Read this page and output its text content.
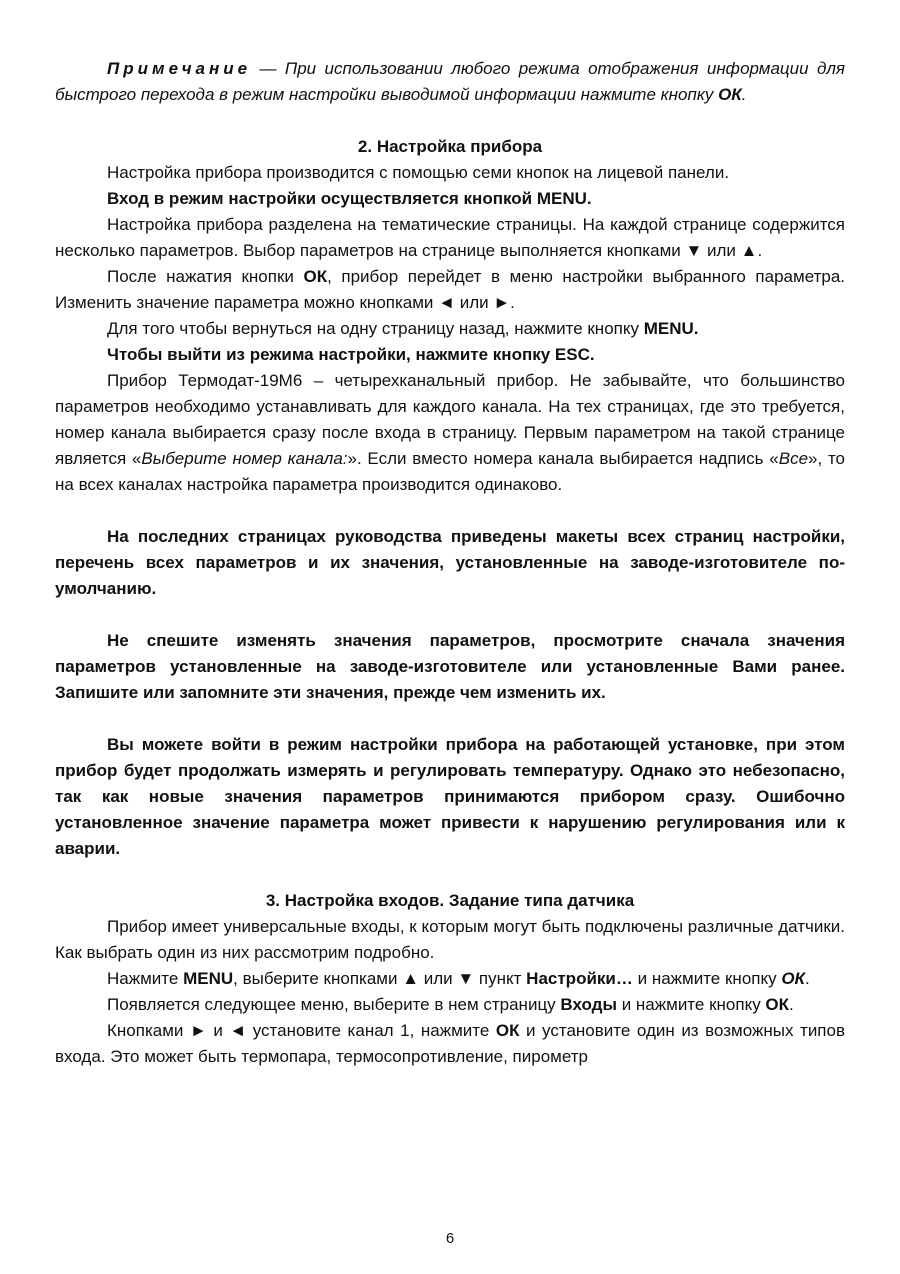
Примечание — При использовании любого режима отображения информации для быстрого перехода в режим настройки выводимой информации нажмите кнопку ОК.

2. Настройка прибора

Настройка прибора производится с помощью семи кнопок на лицевой панели.

Вход в режим настройки осуществляется кнопкой MENU.

Настройка прибора разделена на тематические страницы. На каждой странице содержится несколько параметров. Выбор параметров на странице выполняется кнопками ▼ или ▲.

После нажатия кнопки ОК, прибор перейдет в меню настройки выбранного параметра. Изменить значение параметра можно кнопками ◄ или ►.

Для того чтобы вернуться на одну страницу назад, нажмите кнопку MENU.

Чтобы выйти из режима настройки, нажмите кнопку ESC.

Прибор Термодат-19М6 – четырехканальный прибор. Не забывайте, что большинство параметров необходимо устанавливать для каждого канала. На тех страницах, где это требуется, номер канала выбирается сразу после входа в страницу. Первым параметром на такой странице является «Выберите номер канала:». Если вместо номера канала выбирается надпись «Все», то на всех каналах настройка параметра производится одинаково.

На последних страницах руководства приведены макеты всех страниц настройки, перечень всех параметров и их значения, установленные на заводе-изготовителе по-умолчанию.

Не спешите изменять значения параметров, просмотрите сначала значения параметров установленные на заводе-изготовителе или установленные Вами ранее. Запишите или запомните эти значения, прежде чем изменить их.

Вы можете войти в режим настройки прибора на работающей установке, при этом прибор будет продолжать измерять и регулировать температуру. Однако это небезопасно, так как новые значения параметров принимаются прибором сразу. Ошибочно установленное значение параметра может привести к нарушению регулирования или к аварии.

3. Настройка входов. Задание типа датчика

Прибор имеет универсальные входы, к которым могут быть подключены различные датчики. Как выбрать один из них рассмотрим подробно.

Нажмите MENU, выберите кнопками ▲ или ▼ пункт Настройки… и нажмите кнопку ОК.

Появляется следующее меню, выберите в нем страницу Входы и нажмите кнопку ОК.

Кнопками ► и ◄ установите канал 1, нажмите ОК и установите один из возможных типов входа. Это может быть термопара, термосопротивление, пирометр

6
